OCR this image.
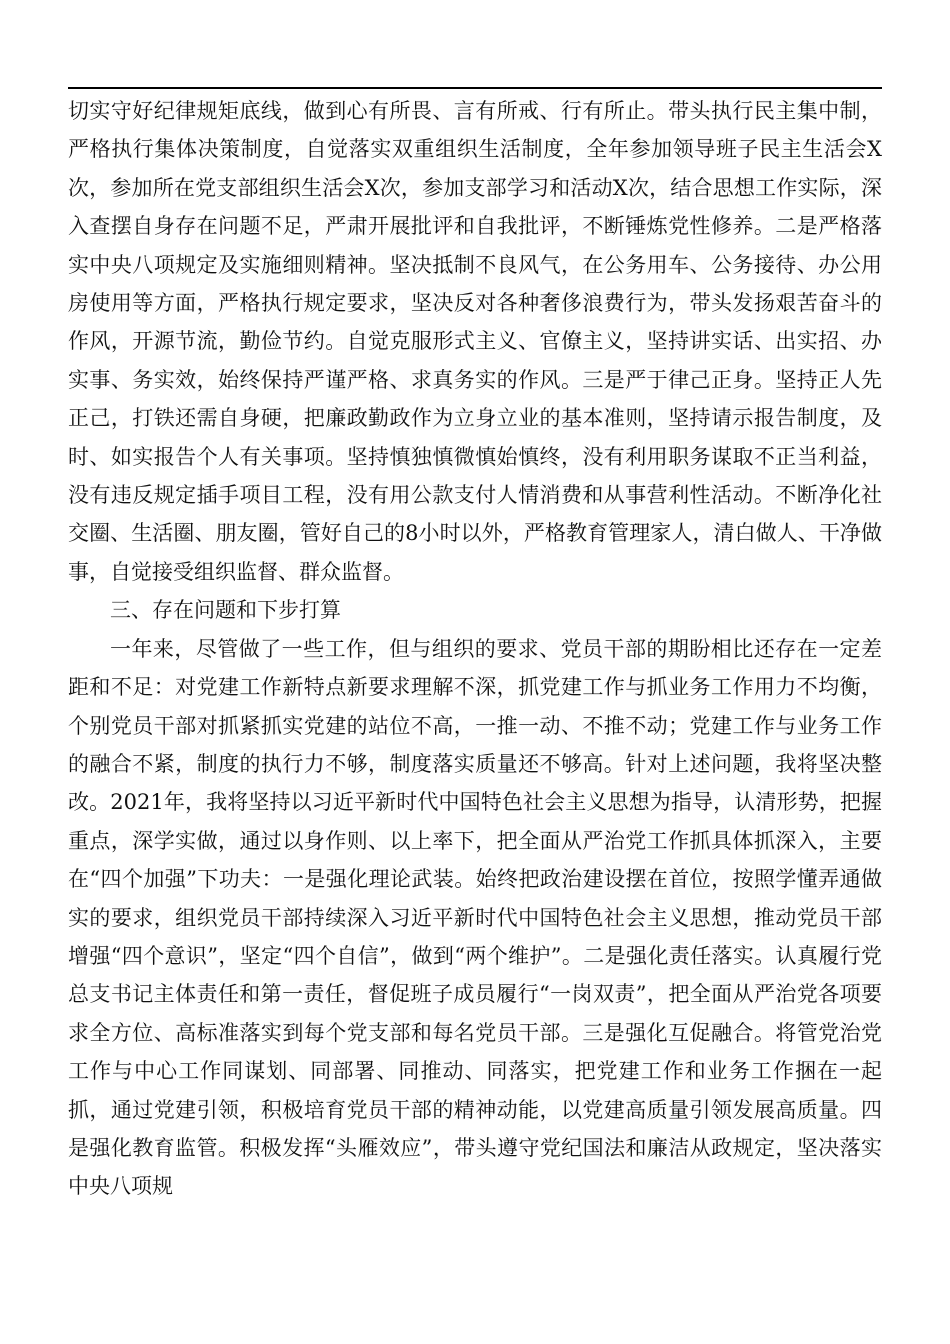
切实守好纪律规矩底线，做到心有所畏、言有所戒、行有所止。带头执行民主集中制，严格执行集体决策制度，自觉落实双重组织生活制度，全年参加领导班子民主生活会X次，参加所在党支部组织生活会X次，参加支部学习和活动X次，结合思想工作实际，深入查摆自身存在问题不足，严肃开展批评和自我批评，不断锤炼党性修养。二是严格落实中央八项规定及实施细则精神。坚决抵制不良风气，在公务用车、公务接待、办公用房使用等方面，严格执行规定要求，坚决反对各种奢侈浪费行为，带头发扬艰苦奋斗的作风，开源节流，勤俭节约。自觉克服形式主义、官僚主义，坚持讲实话、出实招、办实事、务实效，始终保持严谨严格、求真务实的作风。三是严于律己正身。坚持正人先正己，打铁还需自身硬，把廉政勤政作为立身立业的基本准则，坚持请示报告制度，及时、如实报告个人有关事项。坚持慎独慎微慎始慎终，没有利用职务谋取不正当利益，没有违反规定插手项目工程，没有用公款支付人情消费和从事营利性活动。不断净化社交圈、生活圈、朋友圈，管好自己的8小时以外，严格教育管理家人，清白做人、干净做事，自觉接受组织监督、群众监督。

三、存在问题和下步打算

一年来，尽管做了一些工作，但与组织的要求、党员干部的期盼相比还存在一定差距和不足：对党建工作新特点新要求理解不深，抓党建工作与抓业务工作用力不均衡，个别党员干部对抓紧抓实党建的站位不高，一推一动、不推不动；党建工作与业务工作的融合不紧，制度的执行力不够，制度落实质量还不够高。针对上述问题，我将坚决整改。2021年，我将坚持以习近平新时代中国特色社会主义思想为指导，认清形势，把握重点，深学实做，通过以身作则、以上率下，把全面从严治党工作抓具体抓深入，主要在“四个加强”下功夫：一是强化理论武装。始终把政治建设摆在首位，按照学懂弄通做实的要求，组织党员干部持续深入习近平新时代中国特色社会主义思想，推动党员干部增强“四个意识”，坚定“四个自信”，做到“两个维护”。二是强化责任落实。认真履行党总支书记主体责任和第一责任，督促班子成员履行“一岗双责”，把全面从严治党各项要求全方位、高标准落实到每个党支部和每名党员干部。三是强化互促融合。将管党治党工作与中心工作同谋划、同部署、同推动、同落实，把党建工作和业务工作捆在一起抓，通过党建引领，积极培育党员干部的精神动能，以党建高质量引领发展高质量。四是强化教育监管。积极发挥“头雁效应”，带头遵守党纪国法和廉洁从政规定，坚决落实中央八项规
